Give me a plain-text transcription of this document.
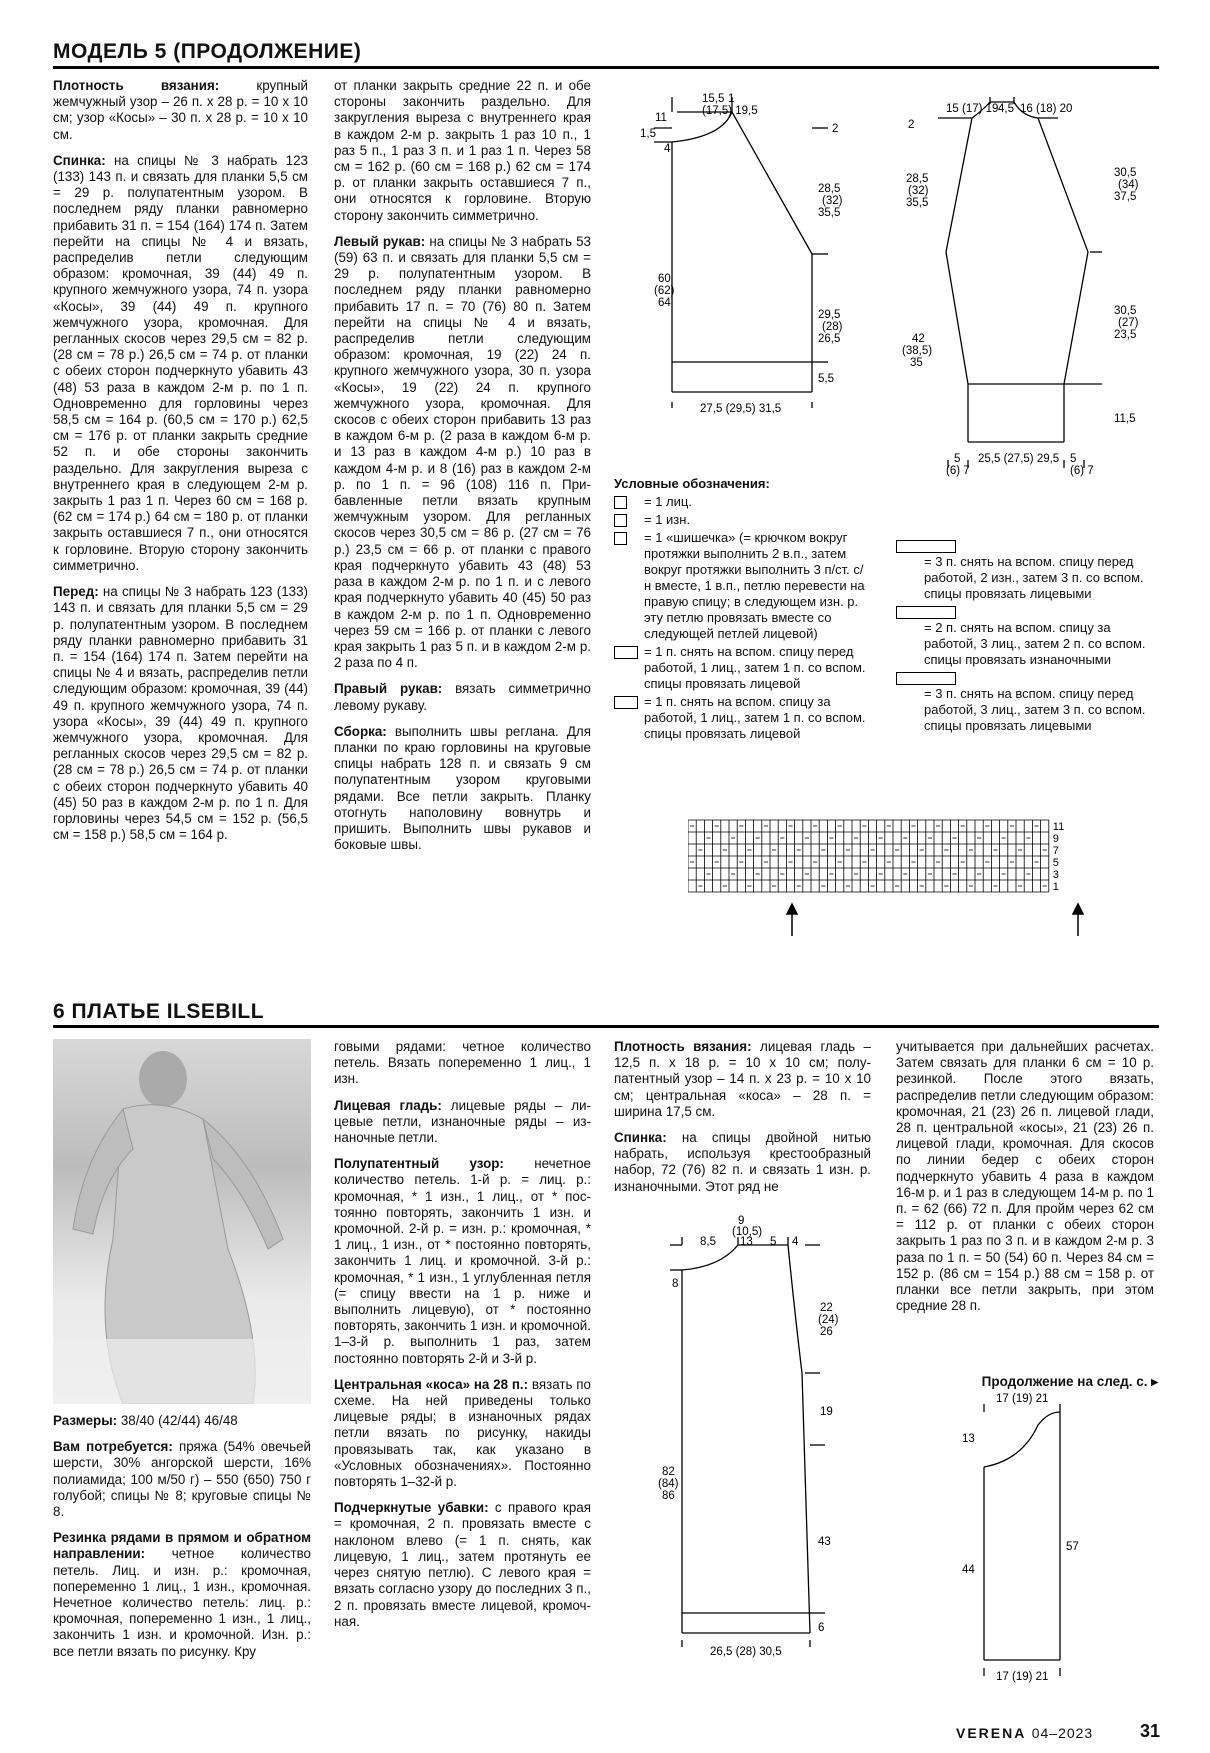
МОДЕЛЬ 5 (ПРОДОЛЖЕНИЕ)

Плотность вязания: крупный жемчужный узор – 26 п. х 28 р. = 10 х 10 см; узор «Косы» – 30 п. х 28 р. = 10 х 10 см.

Спинка: на спицы № 3 набрать 123 (133) 143 п. и связать для планки 5,5 см = 29 р. полупатентным узором. В последнем ряду планки равномерно прибавить 31 п. = 154 (164) 174 п. Затем перейти на спицы № 4 и вязать, распределив петли следующим образом: кромочная, 39 (44) 49 п. крупного жемчужного узора, 74 п. узора «Косы», 39 (44) 49 п. крупного жемчужного узора, кромочная. Для регланных скосов через 29,5 см = 82 р. (28 см = 78 р.) 26,5 см = 74 р. от планки с обеих сторон подчеркнуто убавить 43 (48) 53 раза в каждом 2-м р. по 1 п. Одновременно для горловины через 58,5 см = 164 р. (60,5 см = 170 р.) 62,5 см = 176 р. от планки закрыть средние 52 п. и обе стороны закончить раздельно. Для закругления выреза с внутреннего края в следующем 2-м р. закрыть 1 раз 1 п. Через 60 см = 168 р. (62 см = 174 р.) 64 см = 180 р. от планки закрыть оставшиеся 7 п., они относятся к горловине. Вторую сторону закончить симметрично.

Перед: на спицы № 3 набрать 123 (133) 143 п. и связать для планки 5,5 см = 29 р. полупатентным узором. В последнем ряду планки равномерно прибавить 31 п. = 154 (164) 174 п. Затем перейти на спицы № 4 и вязать, распределив петли следующим образом: кромочная, 39 (44) 49 п. крупного жемчужного узора, 74 п. узора «Косы», 39 (44) 49 п. крупного жемчужного узора, кромочная. Для регланных скосов через 29,5 см = 82 р. (28 см = 78 р.) 26,5 см = 74 р. от планки с обеих сторон подчеркнуто убавить 40 (45) 50 раз в каждом 2-м р. по 1 п. Для горловины через 54,5 см = 152 р. (56,5 см = 158 р.) 58,5 см = 164 р.

от планки закрыть средние 22 п. и обе стороны закончить раздельно. Для закругления выреза с внутреннего края в каждом 2-м р. закрыть 1 раз 10 п., 1 раз 5 п., 1 раз 3 п. и 1 раз 1 п. Через 58 см = 162 р. (60 см = 168 р.) 62 см = 174 р. от планки закрыть оставшиеся 7 п., они относятся к горловине. Вторую сторону закончить симметрично.

Левый рукав: на спицы № 3 набрать 53 (59) 63 п. и связать для планки 5,5 см = 29 р. полупатентным узором. В последнем ряду планки равномерно прибавить 17 п. = 70 (76) 80 п. Затем перейти на спицы № 4 и вязать, распределив петли следующим образом: кромочная, 19 (22) 24 п. крупного жемчужного узора, 30 п. узора «Косы», 19 (22) 24 п. крупного жемчужного узора, кромочная. Для скосов с обеих сторон прибавить 13 раз в каждом 6-м р. (2 раза в каждом 6-м р. и 13 раз в каждом 4-м р.) 10 раз в каждом 4-м р. и 8 (16) раз в каждом 2-м р. по 1 п. = 96 (108) 116 п. Прибавленные петли вязать крупным жемчужным узором. Для регланных скосов через 30,5 см = 86 р. (27 см = 76 р.) 23,5 см = 66 р. от планки с правого края подчеркнуто убавить 43 (48) 53 раза в каждом 2-м р. по 1 п. и с левого края подчеркнуто убавить 40 (45) 50 раз в каждом 2-м р. по 1 п. Одновременно через 59 см = 166 р. от планки с левого края закрыть 1 раз 5 п. и в каждом 2-м р. 2 раза по 4 п.

Правый рукав: вязать симметрично левому рукаву.

Сборка: выполнить швы реглана. Для планки по краю горловины на круговые спицы набрать 128 п. и связать 9 см полупатентным узором круговыми рядами. Все петли закрыть. Планку отогнуть наполовину вовнутрь и пришить. Выполнить швы рукавов и боковые швы.

15,5
(17,5) 19,5
11
1
1,5
4
2
28,5
(32)
35,5
60
(62)
64
29,5
(28)
26,5
5,5
27,5 (29,5) 31,5
15 (17) 19 4,5 16 (18) 20
2
28,5
(32)
35,5
42
(38,5)
35
30,5
(34)
37,5
30,5
(27)
23,5
11,5
5
(6) 7
25,5 (27,5) 29,5 5
(6) 7
Условные обозначения:
= 1 лиц.
= 1 изн.
= 1 «шишечка» (= крючком вокруг протяжки выполнить 2 в.п., затем вокруг протяжки выполнить 3 п/ст. с/н вместе, 1 в.п., петлю перевести на правую спицу; в следующем изн. р. эту петлю провязать вместе со следующей петлей лицевой)
= 1 п. снять на вспом. спицу перед работой, 1 лиц., затем 1 п. со вспом. спицы провязать лицевой
= 1 п. снять на вспом. спицу за работой, 1 лиц., затем 1 п. со вспом. спицы провязать лицевой
= 3 п. снять на вспом. спицу перед работой, 2 изн., затем 3 п. со вспом. спицы провязать лицевыми
= 2 п. снять на вспом. спицу за работой, 3 лиц., затем 2 п. со вспом. спицы провязать изнаночными
= 3 п. снять на вспом. спицу перед работой, 3 лиц., затем 3 п. со вспом. спицы провязать лицевыми
11
9
7
5
3
1
6 ПЛАТЬЕ ILSEBILL

Размеры: 38/40 (42/44) 46/48

Вам потребуется: пряжа (54% овечьей шерсти, 30% ангорской шерсти, 16% полиамида; 100 м/50 г) – 550 (650) 750 г голубой; спицы № 8; круговые спицы № 8.

Резинка рядами в прямом и обратном направлении: четное количество петель. Лиц. и изн. р.: кромочная, попеременно 1 лиц., 1 изн., кромочная. Нечетное количество петель: лиц. р.: кромочная, попеременно 1 изн., 1 лиц., закончить 1 изн. и кромочной. Изн. р.: все петли вязать по рисунку. Кру

говыми рядами: четное количество петель. Вязать попеременно 1 лиц., 1 изн.

Лицевая гладь: лицевые ряды – лицевые петли, изнаночные ряды – изнаночные петли.

Полупатентный узор: нечетное количество петель. 1-й р. = лиц. р.: кромочная, * 1 изн., 1 лиц., от * постоянно повторять, закончить 1 изн. и кромочной. 2-й р. = изн. р.: кромочная, * 1 лиц., 1 изн., от * постоянно повторять, закончить 1 лиц. и кромочной. 3-й р.: кромочная, * 1 изн., 1 углубленная петля (= спицу ввести на 1 р. ниже и выполнить лицевую), от * постоянно повторять, закончить 1 изн. и кромочной. 1–3-й р. выполнить 1 раз, затем постоянно повторять 2-й и 3-й р.

Центральная «коса» на 28 п.: вязать по схеме. На ней приведены только лицевые ряды; в изнаночных рядах петли вязать по рисунку, накиды провязывать так, как указано в «Условных обозначениях». Постоянно повторять 1–32-й р.

Подчеркнутые убавки: с правого края = кромочная, 2 п. провязать вместе с наклоном влево (= 1 п. снять, как лицевую, 1 лиц., затем протянуть ее через снятую петлю). С левого края = вязать согласно узору до последних 3 п., 2 п. провязать вместе лицевой, кромочная.

Плотность вязания: лицевая гладь – 12,5 п. х 18 р. = 10 х 10 см; полупатентный узор – 14 п. х 23 р. = 10 х 10 см; центральная «коса» – 28 п. = ширина 17,5 см.

Спинка: на спицы двойной нитью набрать, используя крестообразный набор, 72 (76) 82 п. и связать 1 изн. р. изнаночными. Этот ряд не

учитывается при дальнейших расчетах. Затем связать для планки 6 см = 10 р. резинкой. После этого вязать, распределив петли следующим образом: кромочная, 21 (23) 26 п. лицевой глади, 28 п. центральной «косы», 21 (23) 26 п. лицевой глади, кромочная. Для скосов по линии бедер с обеих сторон подчеркнуто убавить 4 раза в каждом 16-м р. и 1 раз в следующем 14-м р. по 1 п. = 62 (66) 72 п. Для пройм через 62 см = 112 р. от планки с обеих сторон закрыть 1 раз по 3 п. и в каждом 2-м р. 3 раза по 1 п. = 50 (54) 60 п. Через 84 см = 152 р. (86 см = 154 р.) 88 см = 158 р. от планки все петли закрыть, при этом средние 28 п.

Продолжение на след. с. ▸
9
(10,5)
13
8,5	5 4
8
22
(24)
26
19
82
(84)
86
43
6
26,5 (28) 30,5
17 (19) 21
13
44
57
17 (19) 21
VERENA 04–2023	31
